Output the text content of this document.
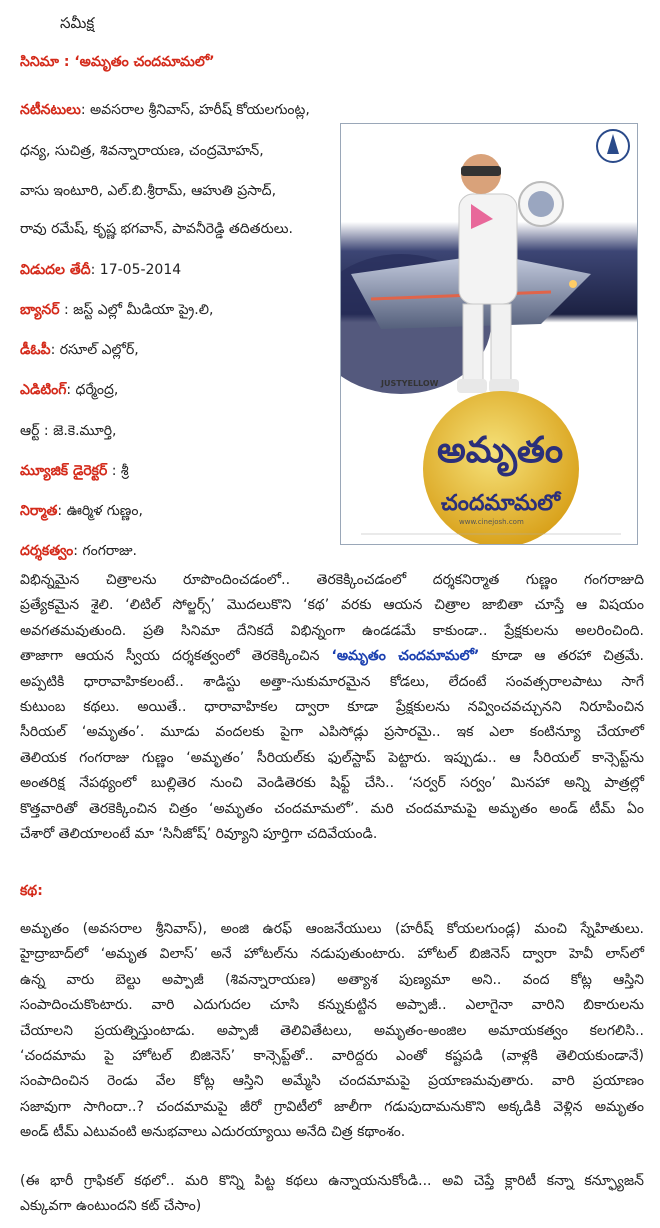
సమీక్ష

సినిమా : ‘అమృతం చందమామలో’

నటీనటులు: అవసరాల శ్రీనివాస్, హరీష్ కోయలగుంట్ల,

ధన్య, సుచిత్ర, శివన్నారాయణ, చంద్రమోహన్,

వాసు ఇంటూరి, ఎల్.బి.శ్రీరామ్, ఆహుతి ప్రసాద్,

రావు రమేష్, కృష్ణ భగవాన్, పావనీరెడ్డి తదితరులు.

విడుదల తేదీ: 17-05-2014

బ్యానర్ : జస్ట్ ఎల్లో మీడియా ప్రై.లి,

డీఓపీ: రసూల్ ఎల్లోర్,

ఎడిటింగ్: ధర్మేంద్ర,

ఆర్ట్ : జె.కె.మూర్తి,

మ్యూజిక్ డైరెక్టర్ : శ్రీ

నిర్మాత: ఊర్మిళ గుణ్ణం,

దర్శకత్వం: గంగరాజు.

అమృతం
చందమామలో
JUSTYELLOW
www.cinejosh.com

విభిన్నమైన చిత్రాలను రూపొందించడంలో.. తెరకెక్కించడంలో దర్శకనిర్మాత గుణ్ణం గంగరాజుది
ప్రత్యేకమైన శైలి. ‘లిటిల్ సోల్జర్స్’ మొదలుకొని ‘కథ’ వరకు ఆయన చిత్రాల జాబితా చూస్తే ఆ విషయం
అవగతమవుతుంది. ప్రతి సినిమా దేనికదే విభిన్నంగా ఉండడమే కాకుండా.. ప్రేక్షకులను అలరించింది.
తాజాగా ఆయన స్వీయ దర్శకత్వంలో తెరకెక్కించిన ‘అమృతం చందమామలో’ కూడా ఆ తరహా చిత్రమే.
అప్పటికి ధారావాహికలంటే.. శాడిస్టు అత్తా-సుకుమారమైన కోడలు, లేదంటే సంవత్సరాలపాటు సాగే
కుటుంబ కథలు. అయితే.. ధారావాహికల ద్వారా కూడా ప్రేక్షకులను నవ్వించవచ్చునని నిరూపించిన
సీరియల్ ‘అమృతం’. మూడు వందలకు పైగా ఎపిసోడ్లు ప్రసారమై.. ఇక ఎలా కంటిన్యూ చేయాలో
తెలియక గంగరాజు గుణ్ణం ‘అమృతం’ సీరియల్‌కు ఫుల్‌స్టాప్ పెట్టారు. ఇప్పుడు.. ఆ సీరియల్ కాన్సెప్ట్‌ను
అంతరిక్ష నేపథ్యంలో బుల్లితెర నుంచి వెండితెరకు షిఫ్ట్ చేసి.. ‘సర్వర్ సర్వం’ మినహా అన్ని పాత్రల్లో
కొత్తవారితో తెరకెక్కించిన చిత్రం ‘అమృతం చందమామలో’. మరి చందమామపై అమృతం అండ్ టీమ్ ఏం
చేశారో తెలియాలంటే మా ‘సినీజోష్’ రివ్యూని పూర్తిగా చదివేయండి.

కథ:

అమృతం (అవసరాల శ్రీనివాస్), అంజి ఉరఫ్ ఆంజనేయులు (హరీష్ కోయలగుండ్ల) మంచి స్నేహితులు.
హైద్రాబాద్‌లో ‘అమృత విలాస్’ అనే హోటల్‌ను నడుపుతుంటారు. హోటల్ బిజినెస్ ద్వారా హెవీ లాస్‌లో
ఉన్న వారు బెల్టు అప్పాజీ (శివన్నారాయణ) అత్యాశ పుణ్యమా అని.. వంద కోట్ల ఆస్తిని
సంపాదించుకొంటారు. వారి ఎదుగుదల చూసి కన్నుకుట్టిన అప్పాజీ.. ఎలాగైనా వారిని బికారులను
చేయాలని ప్రయత్నిస్తుంటాడు. అప్పాజీ తెలివితేటలు, అమృతం-అంజిల అమాయకత్వం కలగలిసి..
‘చందమామ పై హోటల్ బిజినెస్’ కాన్సెప్ట్‌తో.. వారిద్దరు ఎంతో కష్టపడి (వాళ్లకి తెలియకుండానే)
సంపాదించిన రెండు వేల కోట్ల ఆస్తిని అమ్మేసి చందమామపై ప్రయాణమవుతారు. వారి ప్రయాణం
సజావుగా సాగిందా..? చందమామపై జీరో గ్రావిటీలో జాలీగా గడుపుదామనుకొని అక్కడికి వెళ్లిన అమృతం
అండ్ టీమ్ ఎటువంటి అనుభవాలు ఎదురయ్యాయి అనేది చిత్ర కథాంశం.

(ఈ భారీ గ్రాఫికల్ కథలో.. మరి కొన్ని పిట్ట కథలు ఉన్నాయనుకోండి... అవి చెప్తే క్లారిటీ కన్నా కన్ఫ్యూజన్
ఎక్కువగా ఉంటుందని కట్ చేసాం)
